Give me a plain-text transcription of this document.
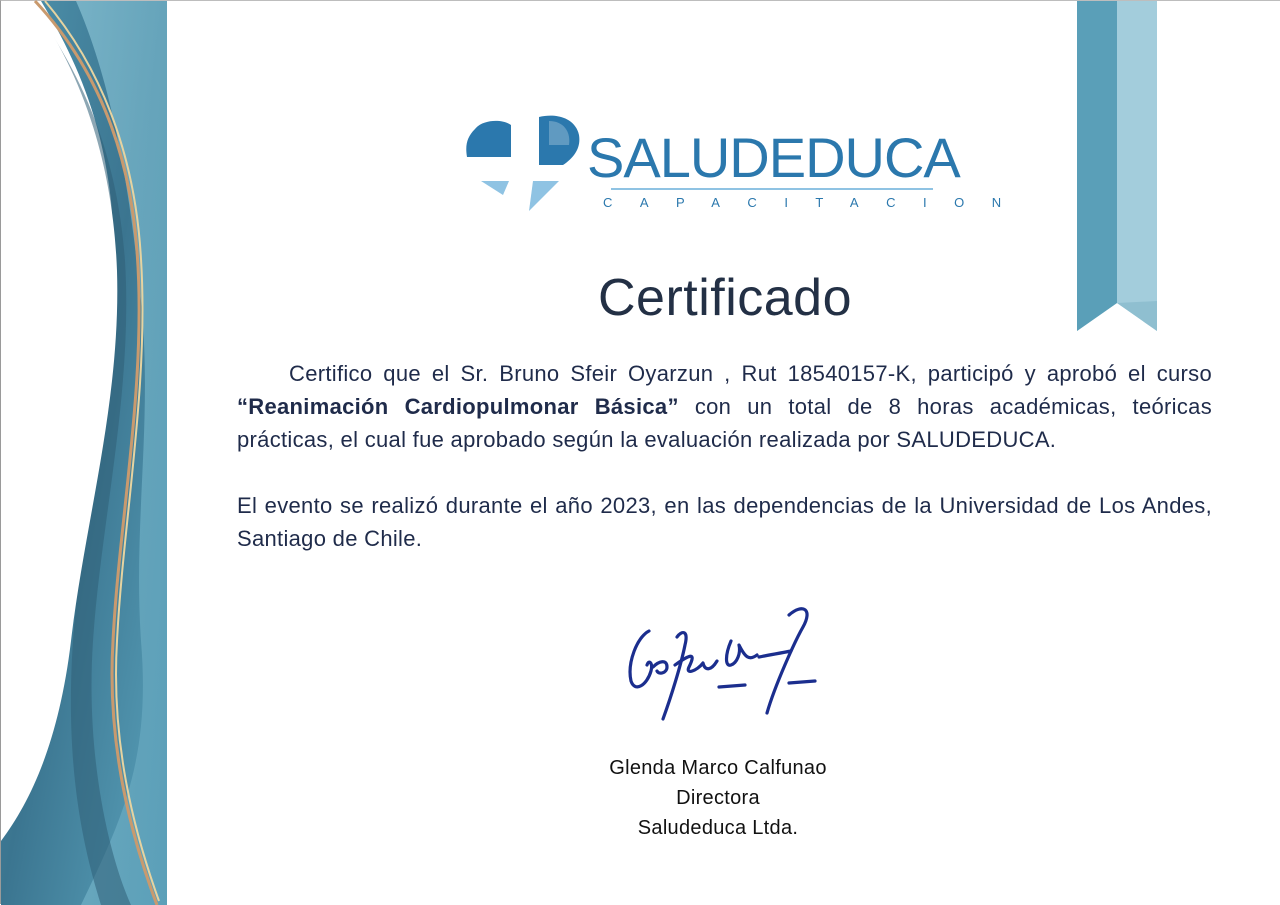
SALUDEDUCA
CAPACITACION
Certificado

Certifico que el Sr. Bruno Sfeir Oyarzun , Rut 18540157-K, participó y aprobó el curso “Reanimación Cardiopulmonar Básica” con un total de 8 horas académicas, teóricas prácticas, el cual fue aprobado según la evaluación realizada por SALUDEDUCA.

El evento se realizó durante el año 2023, en las dependencias de la Universidad de Los Andes, Santiago de Chile.

Glenda Marco Calfunao
Directora
Saludeduca Ltda.
